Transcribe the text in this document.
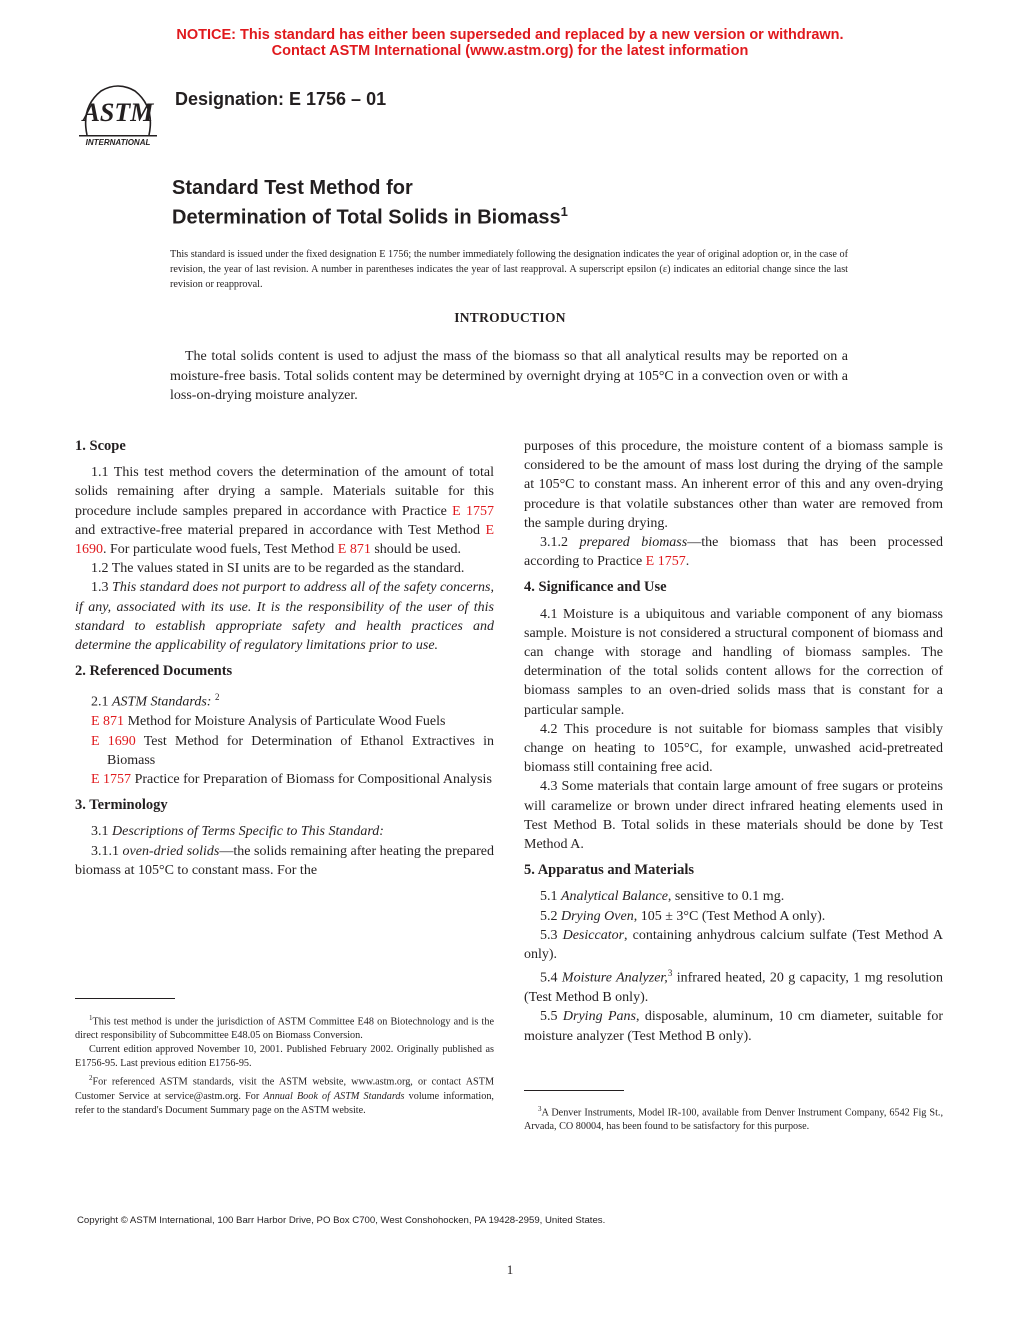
NOTICE: This standard has either been superseded and replaced by a new version or withdrawn.
Contact ASTM International (www.astm.org) for the latest information
ASTM
INTERNATIONAL
Designation: E 1756 – 01
Standard Test Method for
Determination of Total Solids in Biomass$^1$
This standard is issued under the fixed designation E 1756; the number immediately following the designation indicates the year of original adoption or, in the case of revision, the year of last revision. A number in parentheses indicates the year of last reapproval. A superscript epsilon (ε) indicates an editorial change since the last revision or reapproval.
INTRODUCTION
The total solids content is used to adjust the mass of the biomass so that all analytical results may be reported on a moisture-free basis. Total solids content may be determined by overnight drying at 105°C in a convection oven or with a loss-on-drying moisture analyzer.

1. Scope

1.1 This test method covers the determination of the amount of total solids remaining after drying a sample. Materials suitable for this procedure include samples prepared in accordance with Practice E 1757 and extractive-free material prepared in accordance with Test Method E 1690. For particulate wood fuels, Test Method E 871 should be used.

1.2 The values stated in SI units are to be regarded as the standard.

1.3 This standard does not purport to address all of the safety concerns, if any, associated with its use. It is the responsibility of the user of this standard to establish appropriate safety and health practices and determine the applicability of regulatory limitations prior to use.

2. Referenced Documents

2.1 ASTM Standards: $^2$

E 871 Method for Moisture Analysis of Particulate Wood Fuels

E 1690 Test Method for Determination of Ethanol Extractives in Biomass

E 1757 Practice for Preparation of Biomass for Compositional Analysis

3. Terminology

3.1 Descriptions of Terms Specific to This Standard:

3.1.1 oven-dried solids—the solids remaining after heating the prepared biomass at 105°C to constant mass. For the

$^1$This test method is under the jurisdiction of ASTM Committee E48 on Biotechnology and is the direct responsibility of Subcommittee E48.05 on Biomass Conversion.

Current edition approved November 10, 2001. Published February 2002. Originally published as E1756-95. Last previous edition E1756-95.

$^2$For referenced ASTM standards, visit the ASTM website, www.astm.org, or contact ASTM Customer Service at service@astm.org. For Annual Book of ASTM Standards volume information, refer to the standard's Document Summary page on the ASTM website.

purposes of this procedure, the moisture content of a biomass sample is considered to be the amount of mass lost during the drying of the sample at 105°C to constant mass. An inherent error of this and any oven-drying procedure is that volatile substances other than water are removed from the sample during drying.

3.1.2 prepared biomass—the biomass that has been processed according to Practice E 1757.

4. Significance and Use

4.1 Moisture is a ubiquitous and variable component of any biomass sample. Moisture is not considered a structural component of biomass and can change with storage and handling of biomass samples. The determination of the total solids content allows for the correction of biomass samples to an oven-dried solids mass that is constant for a particular sample.

4.2 This procedure is not suitable for biomass samples that visibly change on heating to 105°C, for example, unwashed acid-pretreated biomass still containing free acid.

4.3 Some materials that contain large amount of free sugars or proteins will caramelize or brown under direct infrared heating elements used in Test Method B. Total solids in these materials should be done by Test Method A.

5. Apparatus and Materials

5.1 Analytical Balance, sensitive to 0.1 mg.

5.2 Drying Oven, 105 ± 3°C (Test Method A only).

5.3 Desiccator, containing anhydrous calcium sulfate (Test Method A only).

5.4 Moisture Analyzer,$^3$ infrared heated, 20 g capacity, 1 mg resolution (Test Method B only).

5.5 Drying Pans, disposable, aluminum, 10 cm diameter, suitable for moisture analyzer (Test Method B only).

$^3$A Denver Instruments, Model IR-100, available from Denver Instrument Company, 6542 Fig St., Arvada, CO 80004, has been found to be satisfactory for this purpose.

Copyright © ASTM International, 100 Barr Harbor Drive, PO Box C700, West Conshohocken, PA 19428-2959, United States.
1
